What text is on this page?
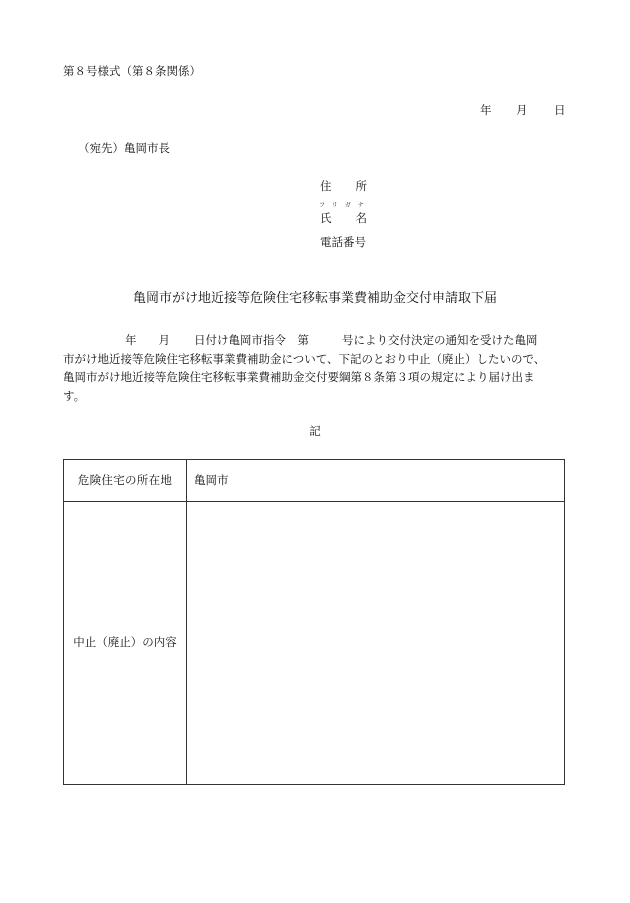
第８号様式（第８条関係）
年 月 日
（宛先）亀岡市長
住所
フリガナ
氏名
電話番号
亀岡市がけ地近接等危険住宅移転事業費補助金交付申請取下届
年 月 日付け亀岡市指令　第	号により交付決定の通知を受けた亀岡
市がけ地近接等危険住宅移転事業費補助金について、下記のとおり中止（廃止）したいので、
亀岡市がけ地近接等危険住宅移転事業費補助金交付要綱第８条第３項の規定により届け出ま
す。
記
危険住宅の所在地	亀岡市
中止（廃止）の内容
